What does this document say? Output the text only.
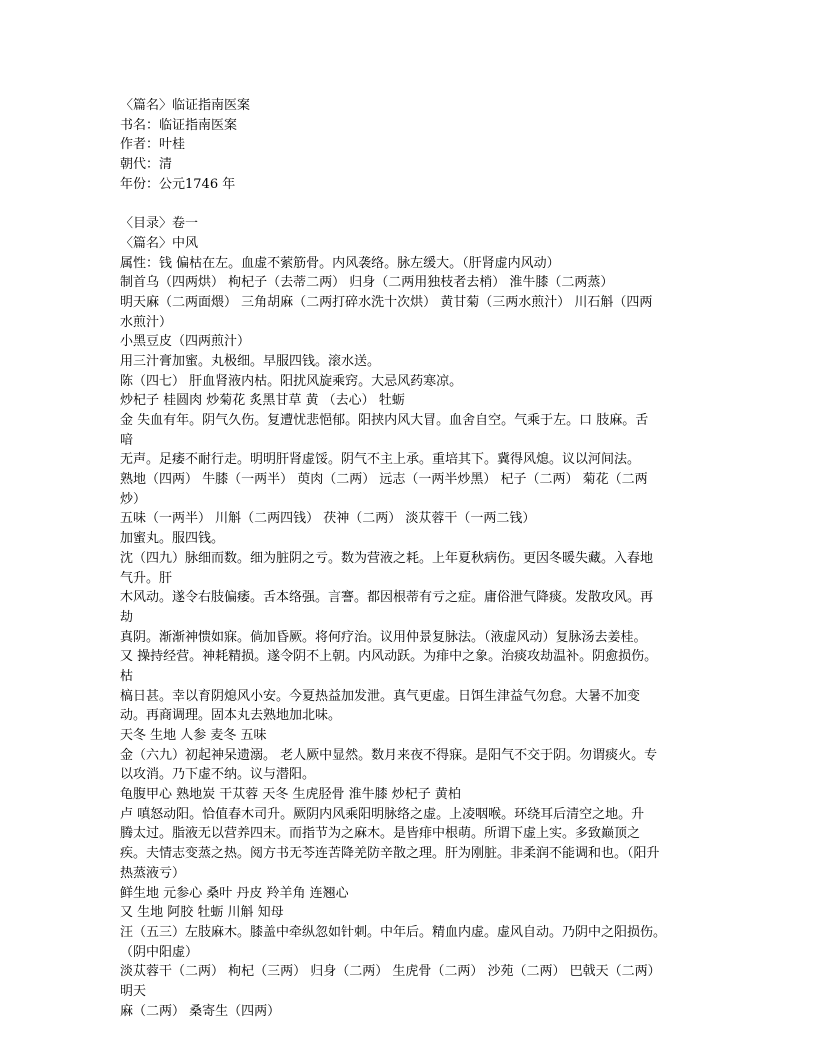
〈篇名〉临证指南医案
书名：临证指南医案
作者：叶桂
朝代：清
年份：公元1746 年
〈目录〉卷一
〈篇名〉中风
属性：钱 偏枯在左。血虚不萦筋骨。内风袭络。脉左缓大。（肝肾虚内风动）
制首乌（四两烘） 枸杞子（去蒂二两） 归身（二两用独枝者去梢） 淮牛膝（二两蒸）
明天麻（二两面煨） 三角胡麻（二两打碎水洗十次烘） 黄甘菊（三两水煎汁） 川石斛（四两
水煎汁）
小黑豆皮（四两煎汁）
用三汁膏加蜜。丸极细。早服四钱。滚水送。
陈（四七） 肝血肾液内枯。阳扰风旋乘窍。大忌风药寒凉。
炒杞子 桂圆肉 炒菊花 炙黑甘草 黄 （去心） 牡蛎
金 失血有年。阴气久伤。复遭忧悲悒郁。阳挟内风大冒。血舍自空。气乘于左。口 肢麻。舌
喑
无声。足痿不耐行走。明明肝肾虚馁。阴气不主上承。重培其下。冀得风熄。议以河间法。
熟地（四两） 牛膝（一两半） 萸肉（二两） 远志（一两半炒黑） 杞子（二两） 菊花（二两
炒）
五味（一两半） 川斛（二两四钱） 茯神（二两） 淡苁蓉干（一两二钱）
加蜜丸。服四钱。
沈（四九）脉细而数。细为脏阴之亏。数为营液之耗。上年夏秋病伤。更因冬暖失藏。入春地
气升。肝
木风动。遂令右肢偏痿。舌本络强。言謇。都因根蒂有亏之症。庸俗泄气降痰。发散攻风。再
劫
真阴。渐渐神愦如寐。倘加昏厥。将何疗治。议用仲景复脉法。（液虚风动）复脉汤去姜桂。
又 操持经营。神耗精损。遂令阴不上朝。内风动跃。为痱中之象。治痰攻劫温补。阴愈损伤。
枯
槁日甚。幸以育阴熄风小安。今夏热益加发泄。真气更虚。日饵生津益气勿怠。大暑不加变
动。再商调理。固本丸去熟地加北味。
天冬 生地 人参 麦冬 五味
金（六九）初起神呆遗溺。 老人厥中显然。数月来夜不得寐。是阳气不交于阴。勿谓痰火。专
以攻消。乃下虚不纳。议与潜阳。
龟腹甲心 熟地炭 干苁蓉 天冬 生虎胫骨 淮牛膝 炒杞子 黄柏
卢 嗔怒动阳。恰值春木司升。厥阴内风乘阳明脉络之虚。上凌咽喉。环绕耳后清空之地。升
腾太过。脂液无以营养四末。而指节为之麻木。是皆痱中根萌。所谓下虚上实。多致巅顶之
疾。夫情志变蒸之热。阅方书无芩连苦降羌防辛散之理。肝为刚脏。非柔润不能调和也。（阳升
热蒸液亏）
鲜生地 元参心 桑叶 丹皮 羚羊角 连翘心
又 生地 阿胶 牡蛎 川斛 知母
汪（五三）左肢麻木。膝盖中牵纵忽如针刺。中年后。精血内虚。虚风自动。乃阴中之阳损伤。
（阴中阳虚）
淡苁蓉干（二两） 枸杞（三两） 归身（二两） 生虎骨（二两） 沙苑（二两） 巴戟天（二两）
明天
麻（二两） 桑寄生（四两）
